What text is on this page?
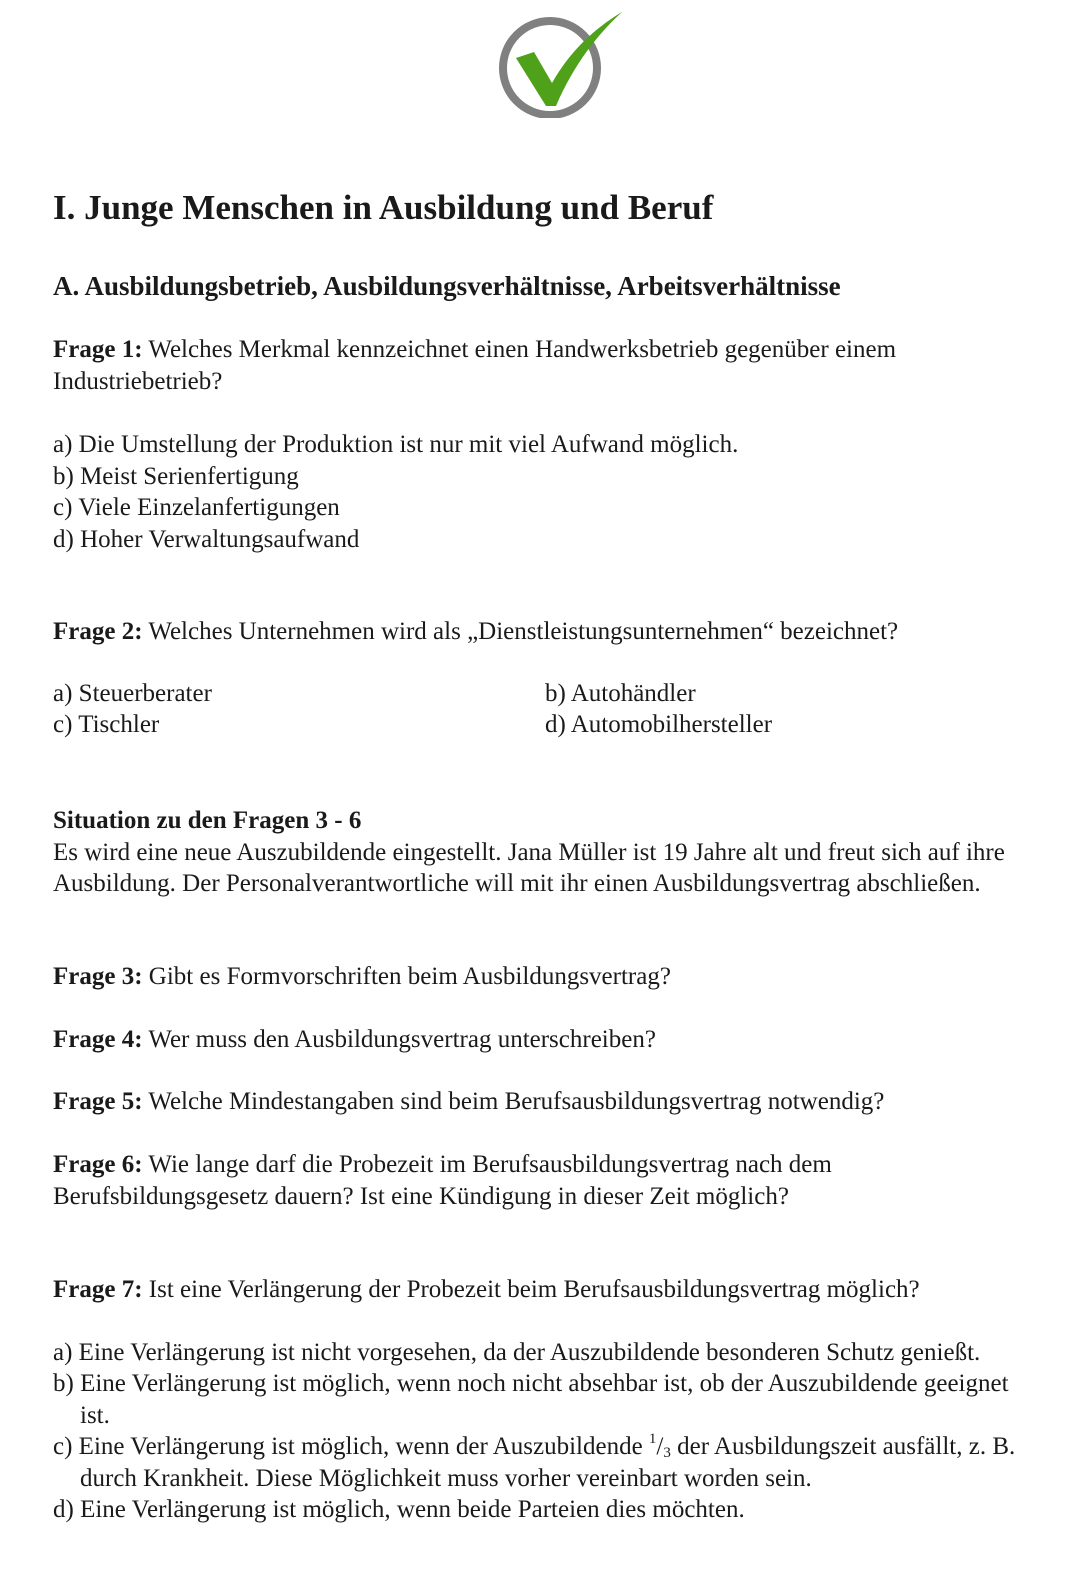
I. Junge Menschen in Ausbildung und Beruf
A. Ausbildungsbetrieb, Ausbildungsverhältnisse, Arbeitsverhältnisse

Frage 1: Welches Merkmal kennzeichnet einen Handwerksbetrieb gegenüber einem Industriebetrieb?

a) Die Umstellung der Produktion ist nur mit viel Aufwand möglich.

b) Meist Serienfertigung

c) Viele Einzelanfertigungen

d) Hoher Verwaltungsaufwand

Frage 2: Welches Unternehmen wird als „Dienstleistungsunternehmen“ bezeichnet?

a) Steuerberater	b) Autohändler
c) Tischler	d) Automobilhersteller

Situation zu den Fragen 3 - 6

Es wird eine neue Auszubildende eingestellt. Jana Müller ist 19 Jahre alt und freut sich auf ihre Ausbildung. Der Personalverantwortliche will mit ihr einen Ausbildungsvertrag abschließen.

Frage 3: Gibt es Formvorschriften beim Ausbildungsvertrag?

Frage 4: Wer muss den Ausbildungsvertrag unterschreiben?

Frage 5: Welche Mindestangaben sind beim Berufsausbildungsvertrag notwendig?

Frage 6: Wie lange darf die Probezeit im Berufsausbildungsvertrag nach dem Berufsbildungsgesetz dauern? Ist eine Kündigung in dieser Zeit möglich?

Frage 7: Ist eine Verlängerung der Probezeit beim Berufsausbildungsvertrag möglich?

a) Eine Verlängerung ist nicht vorgesehen, da der Auszubildende besonderen Schutz genießt.

b) Eine Verlängerung ist möglich, wenn noch nicht absehbar ist, ob der Auszubildende geeignet ist.

c) Eine Verlängerung ist möglich, wenn der Auszubildende $^1/_3$ der Ausbildungszeit ausfällt, z. B. durch Krankheit. Diese Möglichkeit muss vorher vereinbart worden sein.

d) Eine Verlängerung ist möglich, wenn beide Parteien dies möchten.
